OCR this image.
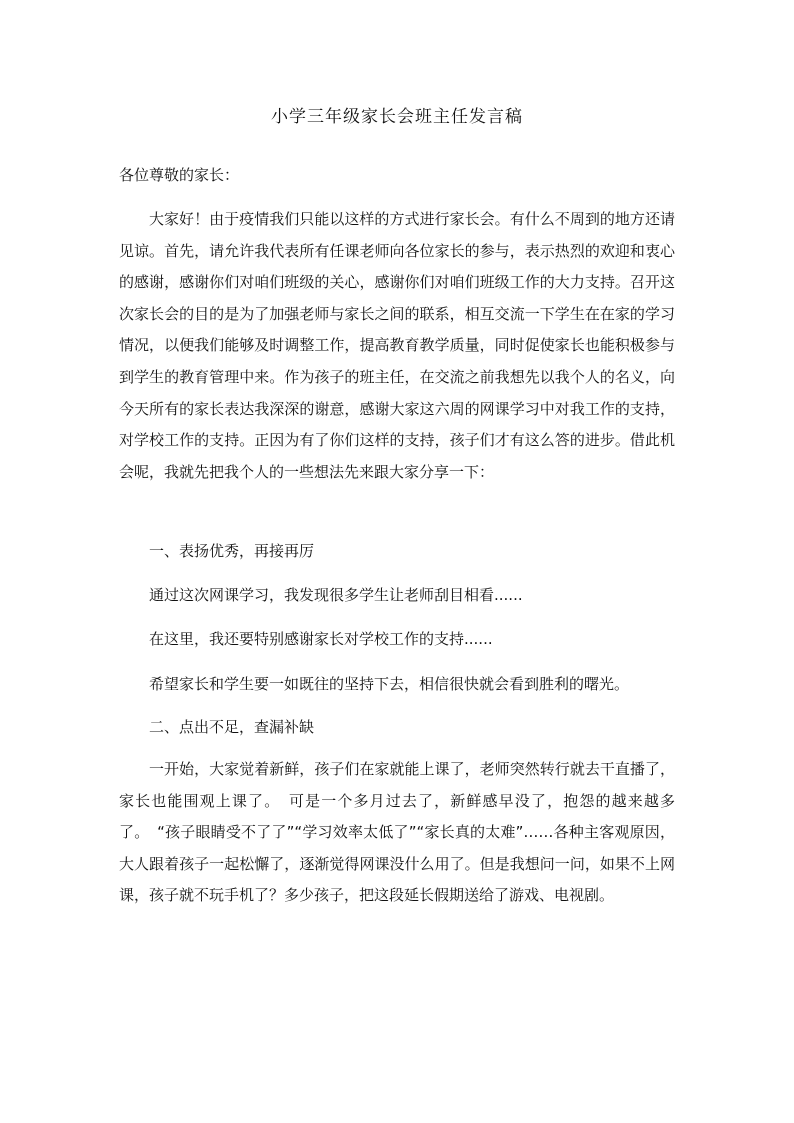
小学三年级家长会班主任发言稿
各位尊敬的家长：

大家好！由于疫情我们只能以这样的方式进行家长会。有什么不周到的地方还请见谅。首先，请允许我代表所有任课老师向各位家长的参与，表示热烈的欢迎和衷心的感谢，感谢你们对咱们班级的关心，感谢你们对咱们班级工作的大力支持。召开这次家长会的目的是为了加强老师与家长之间的联系，相互交流一下学生在在家的学习情况，以便我们能够及时调整工作，提高教育教学质量，同时促使家长也能积极参与到学生的教育管理中来。作为孩子的班主任，在交流之前我想先以我个人的名义，向今天所有的家长表达我深深的谢意，感谢大家这六周的网课学习中对我工作的支持，对学校工作的支持。正因为有了你们这样的支持，孩子们才有这么答的进步。借此机会呢，我就先把我个人的一些想法先来跟大家分享一下：

一、表扬优秀，再接再厉
通过这次网课学习，我发现很多学生让老师刮目相看......
在这里，我还要特别感谢家长对学校工作的支持......
希望家长和学生要一如既往的坚持下去，相信很快就会看到胜利的曙光。
二、点出不足，查漏补缺

一开始，大家觉着新鲜，孩子们在家就能上课了，老师突然转行就去干直播了，家长也能围观上课了。　可是一个多月过去了，新鲜感早没了，抱怨的越来越多了。　“孩子眼睛受不了了”“学习效率太低了”“家长真的太难”……各种主客观原因，大人跟着孩子一起松懈了，逐渐觉得网课没什么用了。但是我想问一问，如果不上网课，孩子就不玩手机了？多少孩子，把这段延长假期送给了游戏、电视剧。
